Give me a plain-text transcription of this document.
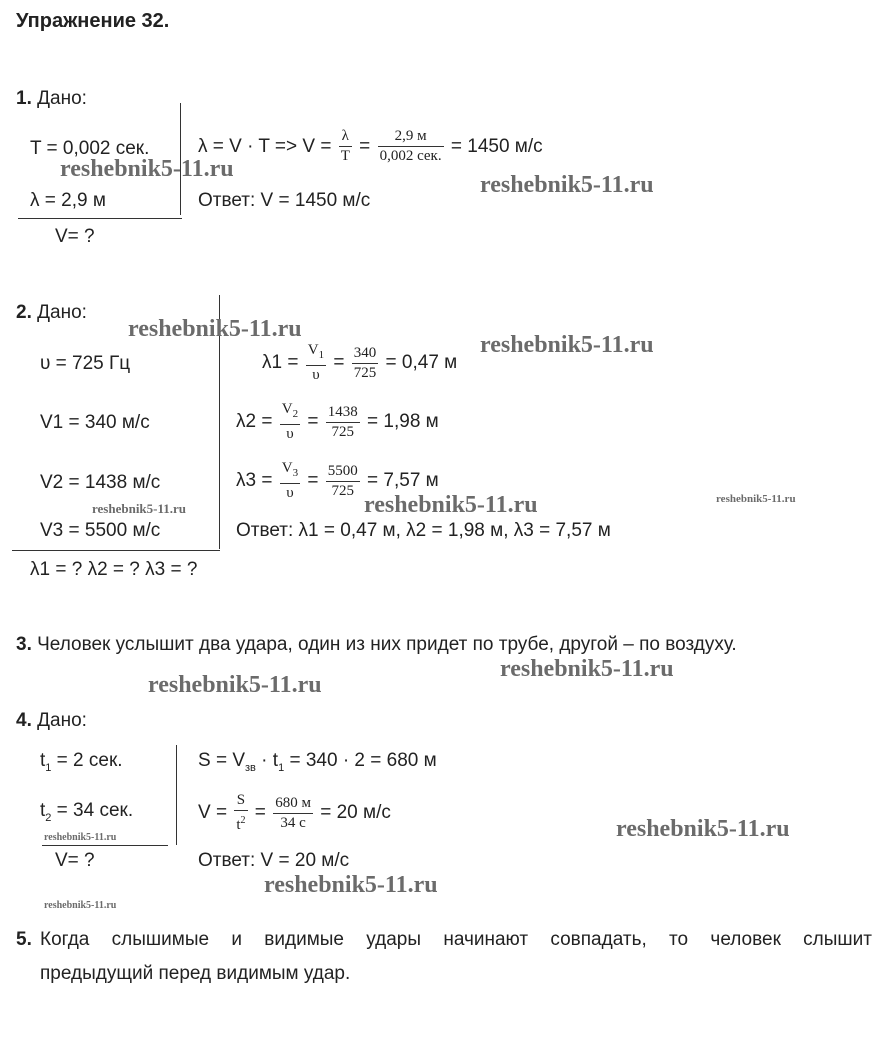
Упражнение 32.
1. Дано:
T = 0,002 сек.
λ = 2,9 м
V= ?
$\lambda = V \cdot T => V = \frac{\lambda}{T} = \frac{2,9 м}{\text{0,002 сек.}} = 1450$ м/с
Ответ: V = 1450 м/с
2. Дано:
υ = 725 Гц
V1 = 340 м/с
V2 = 1438 м/с
V3 = 5500 м/с
λ1 = ? λ2 = ? λ3 = ?
$\lambda 1 = \frac{V_1}{\upsilon} = \frac{340}{725} = 0,47$ м
$\lambda 2 = \frac{V_2}{\upsilon} = \frac{1438}{725} = 1,98$ м
$\lambda 3 = \frac{V_3}{\upsilon} = \frac{5500}{725} = 7,57$ м
Ответ: λ1 = 0,47 м, λ2 = 1,98 м, λ3 = 7,57 м
3. Человек услышит два удара, один из них придет по трубе, другой – по воздуху.
4. Дано:
$t_1 = 2$ сек.
$t_2 = 34$ сек.
V= ?
$S = V_{зв} \cdot t_1 = 340 \cdot 2 = 680$ м
$V = \frac{S}{t^2} = \frac{680 м}{34 с} = 20$ м/с
Ответ: V = 20 м/с
5. Когда слышимые и видимые удары начинают совпадать, то человек слышит
предыдущий перед видимым удар.
reshebnik5-11.ru
reshebnik5-11.ru
reshebnik5-11.ru
reshebnik5-11.ru
reshebnik5-11.ru
reshebnik5-11.ru
reshebnik5-11.ru
reshebnik5-11.ru
reshebnik5-11.ru
reshebnik5-11.ru	reshebnik5-11.ru
reshebnik5-11.ru
reshebnik5-11.ru
